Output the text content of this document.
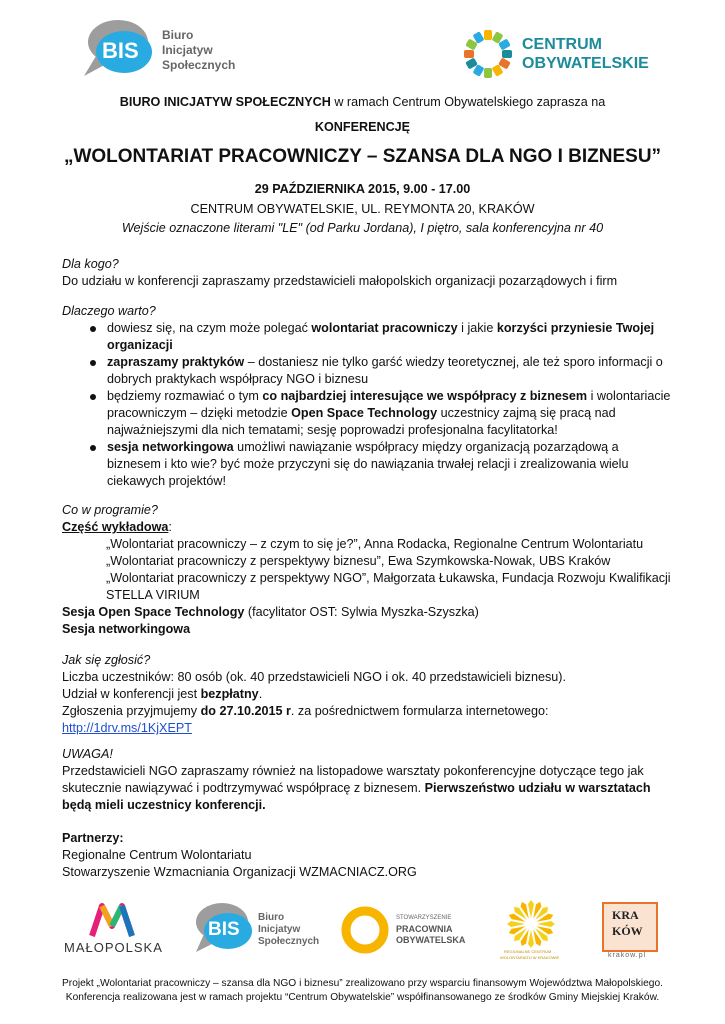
BIS
Biuro
Inicjatyw
Społecznych
CENTRUM
OBYWATELSKIE
BIURO INICJATYW SPOŁECZNYCH w ramach Centrum Obywatelskiego zaprasza na
KONFERENCJĘ
„WOLONTARIAT PRACOWNICZY – SZANSA DLA NGO I BIZNESU”
29 PAŹDZIERNIKA 2015, 9.00 - 17.00
CENTRUM OBYWATELSKIE, UL. REYMONTA 20, KRAKÓW
Wejście oznaczone literami "LE" (od Parku Jordana), I piętro, sala konferencyjna nr 40
Dla kogo?
Do udziału w konferencji zapraszamy przedstawicieli małopolskich organizacji pozarządowych i firm
Dlaczego warto?
dowiesz się, na czym może polegać wolontariat pracowniczy i jakie korzyści przyniesie Twojej organizacji
zapraszamy praktyków – dostaniesz nie tylko garść wiedzy teoretycznej, ale też sporo informacji o dobrych praktykach współpracy NGO i biznesu
będziemy rozmawiać o tym co najbardziej interesujące we współpracy z biznesem i wolontariacie pracowniczym – dzięki metodzie Open Space Technology uczestnicy zajmą się pracą nad najważniejszymi dla nich tematami; sesję poprowadzi profesjonalna facylitatorka!
sesja networkingowa umożliwi nawiązanie współpracy między organizacją pozarządową a biznesem i kto wie? być może przyczyni się do nawiązania trwałej relacji i zrealizowania wielu ciekawych projektów!
Co w programie?
Część wykładowa:
„Wolontariat pracowniczy – z czym to się je?”, Anna Rodacka, Regionalne Centrum Wolontariatu
„Wolontariat pracowniczy z perspektywy biznesu”, Ewa Szymkowska-Nowak, UBS Kraków
„Wolontariat pracowniczy z perspektywy NGO”, Małgorzata Łukawska, Fundacja Rozwoju Kwalifikacji
STELLA VIRIUM
Sesja Open Space Technology (facylitator OST: Sylwia Myszka-Szyszka)
Sesja networkingowa
Jak się zgłosić?
Liczba uczestników: 80 osób (ok. 40 przedstawicieli NGO i ok. 40 przedstawicieli biznesu).
Udział w konferencji jest bezpłatny.
Zgłoszenia przyjmujemy do 27.10.2015 r. za pośrednictwem formularza internetowego:
http://1drv.ms/1KjXEPT
UWAGA!
Przedstawicieli NGO zapraszamy również na listopadowe warsztaty pokonferencyjne dotyczące tego jak skutecznie nawiązywać i podtrzymywać współpracę z biznesem. Pierwszeństwo udziału w warsztatach będą mieli uczestnicy konferencji.
Partnerzy:
Regionalne Centrum Wolontariatu
Stowarzyszenie Wzmacniania Organizacji WZMACNIACZ.ORG
MAŁOPOLSKA
BIS
Biuro
Inicjatyw
Społecznych
STOWARZYSZENIE
PRACOWNIA
OBYWATELSKA
REGIONALNE CENTRUM
WOLONTARIATU W KRAKOWIE
KRA
KÓW
krakow.pl
Projekt „Wolontariat pracowniczy – szansa dla NGO i biznesu” zrealizowano przy wsparciu finansowym Województwa Małopolskiego.
Konferencja realizowana jest w ramach projektu “Centrum Obywatelskie” współfinansowanego ze środków Gminy Miejskiej Kraków.
